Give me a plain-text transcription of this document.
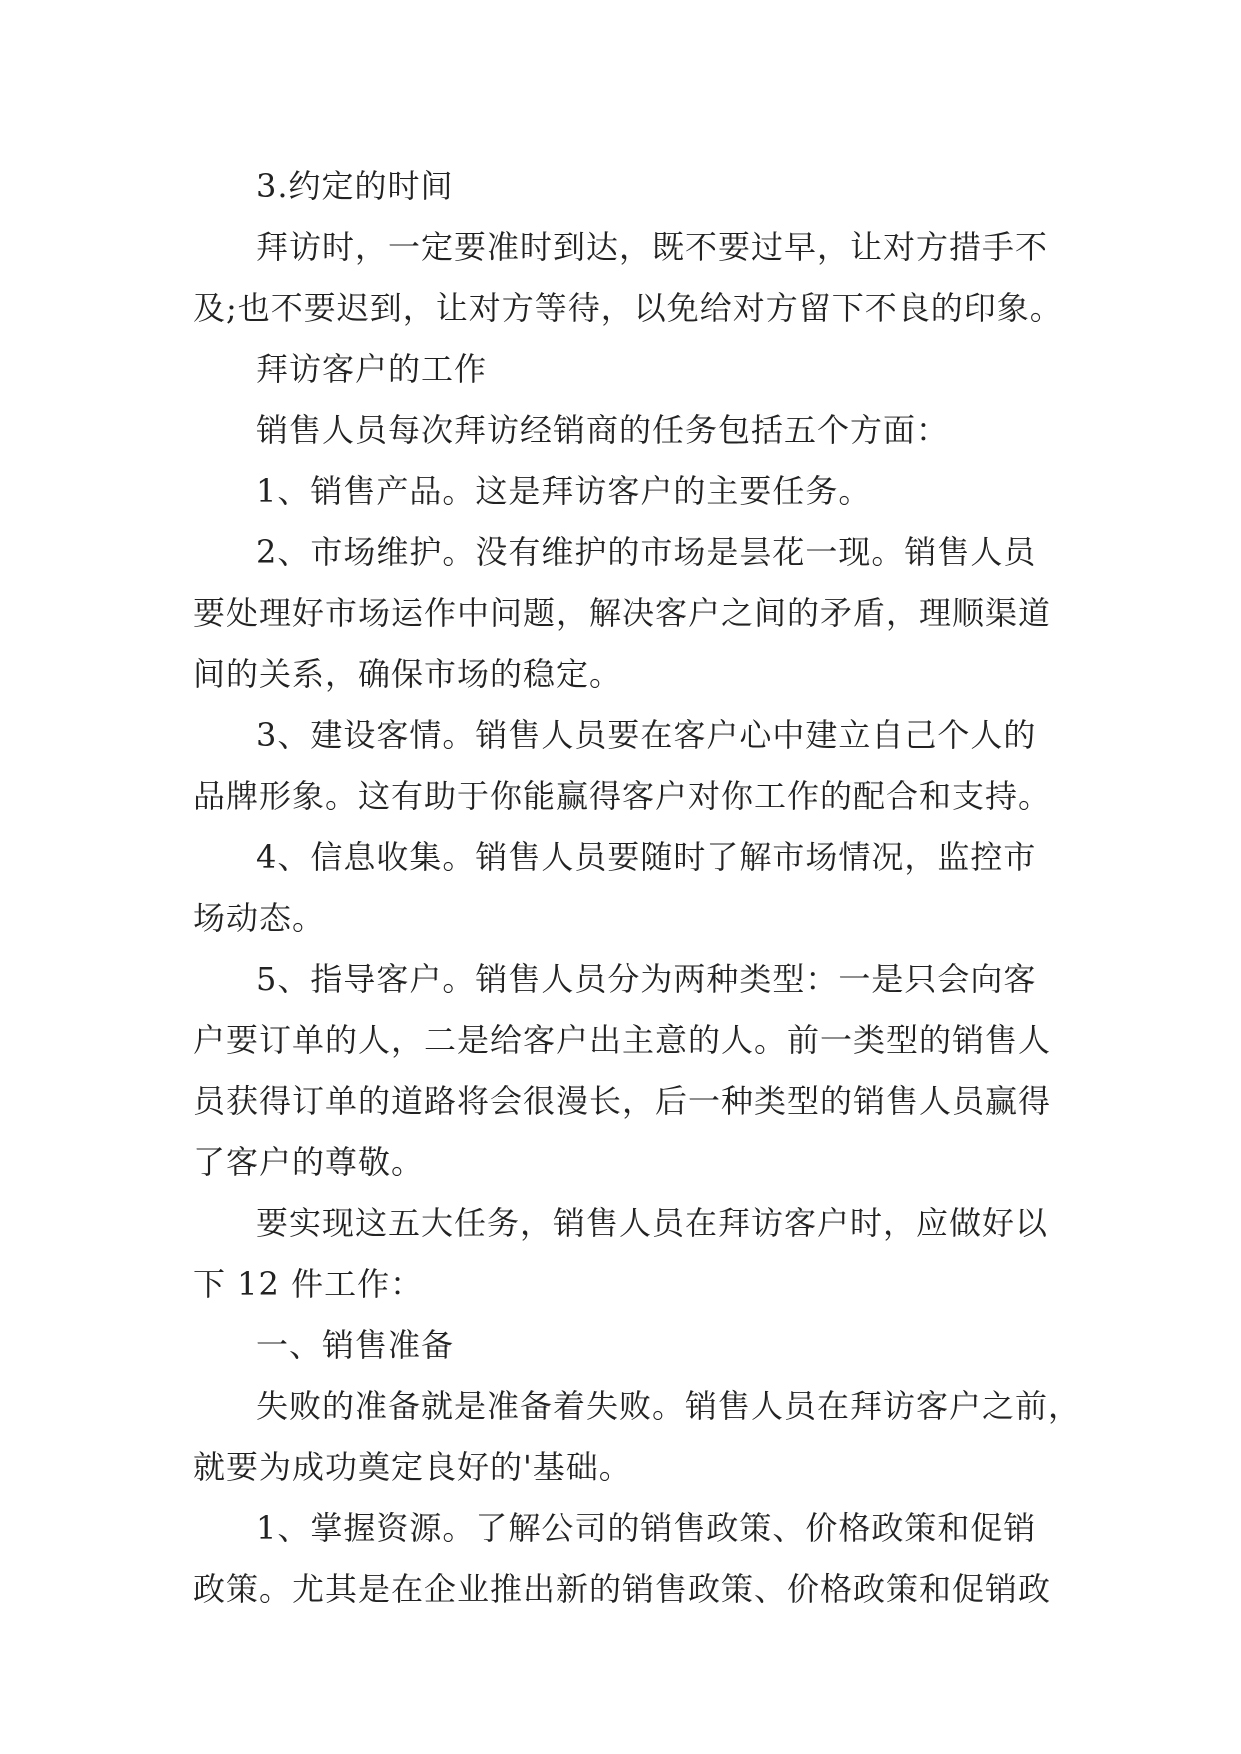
3.约定的时间
拜访时，一定要准时到达，既不要过早，让对方措手不
及;也不要迟到，让对方等待，以免给对方留下不良的印象。
拜访客户的工作
销售人员每次拜访经销商的任务包括五个方面：
1、销售产品。这是拜访客户的主要任务。
2、市场维护。没有维护的市场是昙花一现。销售人员
要处理好市场运作中问题，解决客户之间的矛盾，理顺渠道
间的关系，确保市场的稳定。
3、建设客情。销售人员要在客户心中建立自己个人的
品牌形象。这有助于你能赢得客户对你工作的配合和支持。
4、信息收集。销售人员要随时了解市场情况，监控市
场动态。
5、指导客户。销售人员分为两种类型：一是只会向客
户要订单的人，二是给客户出主意的人。前一类型的销售人
员获得订单的道路将会很漫长，后一种类型的销售人员赢得
了客户的尊敬。
要实现这五大任务，销售人员在拜访客户时，应做好以
下 12 件工作：
一、销售准备
失败的准备就是准备着失败。销售人员在拜访客户之前，
就要为成功奠定良好的'基础。
1、掌握资源。了解公司的销售政策、价格政策和促销
政策。尤其是在企业推出新的销售政策、价格政策和促销政
